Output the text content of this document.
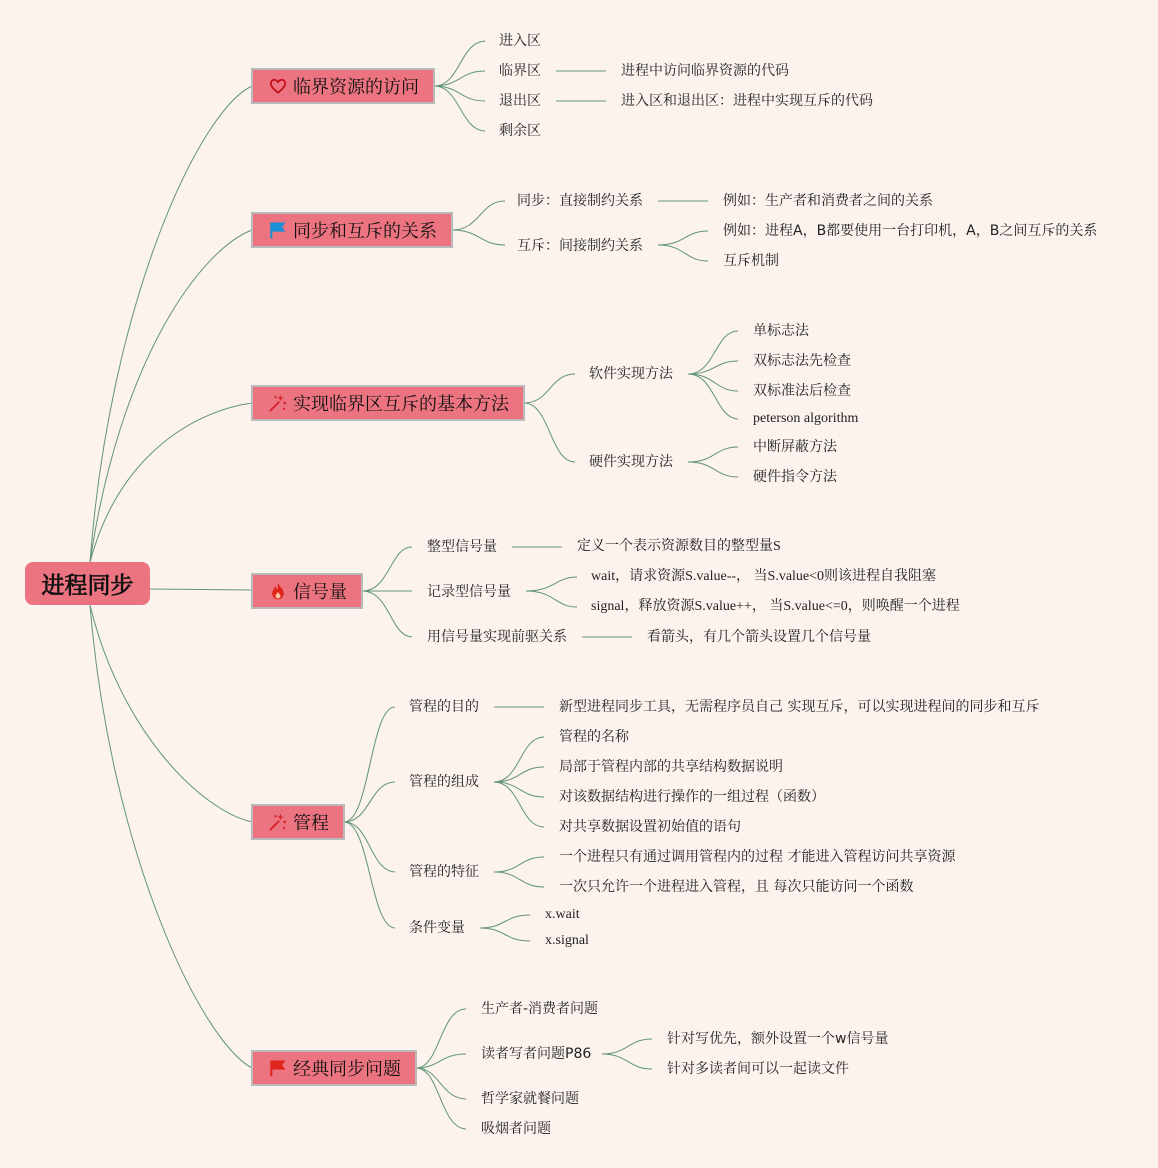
进程同步
临界资源的访问
进入区
临界区	进程中访问临界资源的代码
退出区	进入区和退出区：进程中实现互斥的代码
剩余区
同步和互斥的关系
同步：直接制约关系	例如：生产者和消费者之间的关系
互斥：间接制约关系
例如：进程A，B都要使用一台打印机，A，B之间互斥的关系
互斥机制
实现临界区互斥的基本方法
软件实现方法
单标志法
双标志法先检查
双标准法后检查
peterson algorithm
硬件实现方法
中断屏蔽方法
硬件指令方法
信号量
整型信号量	定义一个表示资源数目的整型量S
记录型信号量
wait，请求资源S.value--， 当S.value<0则该进程自我阻塞
signal，释放资源S.value++， 当S.value<=0，则唤醒一个进程
用信号量实现前驱关系	看箭头，有几个箭头设置几个信号量
管程
管程的目的	新型进程同步工具，无需程序员自己 实现互斥，可以实现进程间的同步和互斥
管程的组成
管程的名称
局部于管程内部的共享结构数据说明
对该数据结构进行操作的一组过程（函数）
对共享数据设置初始值的语句
管程的特征
一个进程只有通过调用管程内的过程 才能进入管程访问共享资源
一次只允许一个进程进入管程，且 每次只能访问一个函数
条件变量
x.wait
x.signal
经典同步问题
生产者-消费者问题
读者写者问题P86
针对写优先，额外设置一个w信号量
针对多读者间可以一起读文件
哲学家就餐问题
吸烟者问题
